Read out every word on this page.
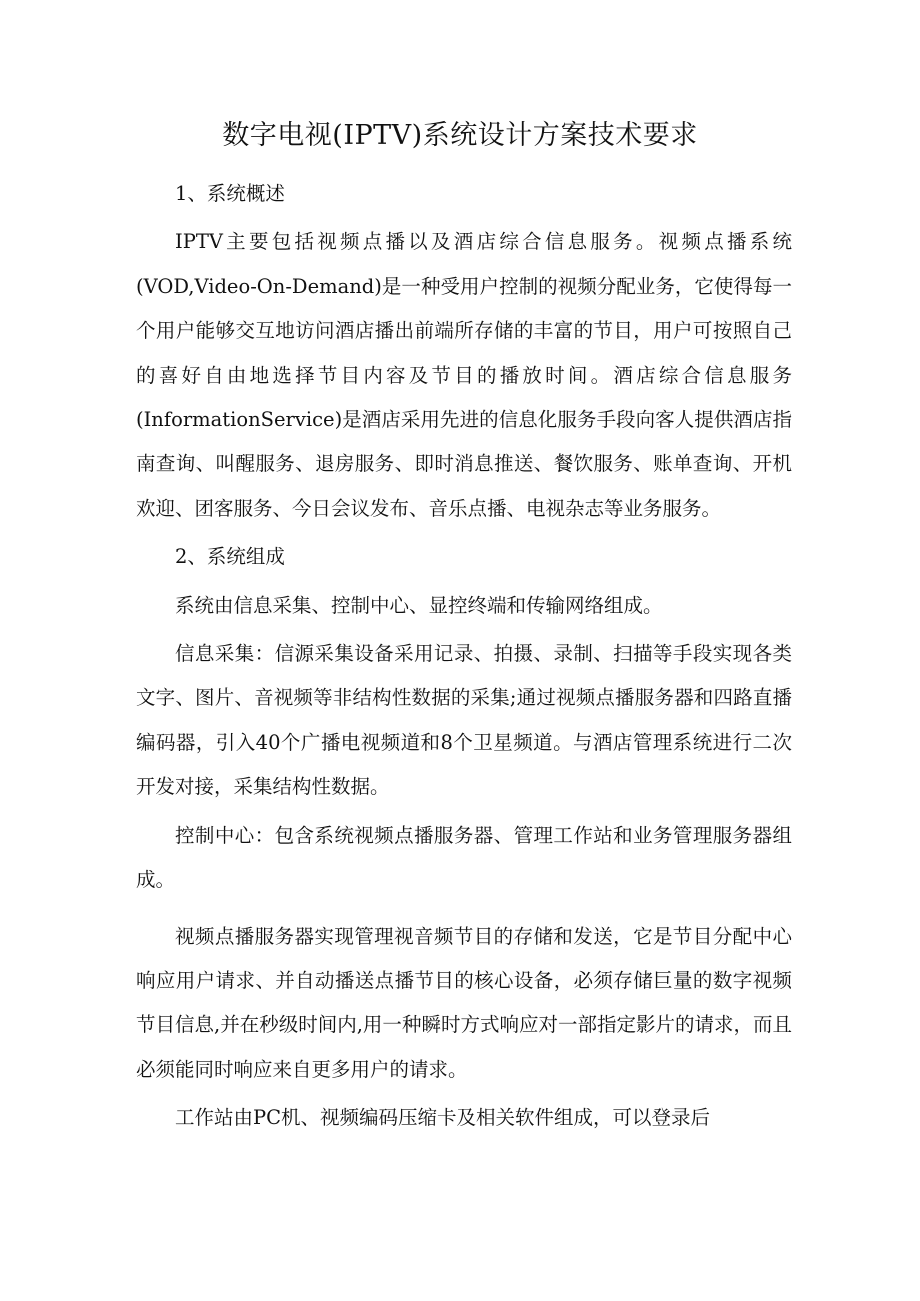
数字电视(IPTV)系统设计方案技术要求

1、系统概述

IPTV主要包括视频点播以及酒店综合信息服务。视频点播系统(VOD,Video-On-Demand)是一种受用户控制的视频分配业务，它使得每一个用户能够交互地访问酒店播出前端所存储的丰富的节目，用户可按照自己的喜好自由地选择节目内容及节目的播放时间。酒店综合信息服务(InformationService)是酒店采用先进的信息化服务手段向客人提供酒店指南查询、叫醒服务、退房服务、即时消息推送、餐饮服务、账单查询、开机欢迎、团客服务、今日会议发布、音乐点播、电视杂志等业务服务。

2、系统组成

系统由信息采集、控制中心、显控终端和传输网络组成。

信息采集：信源采集设备采用记录、拍摄、录制、扫描等手段实现各类文字、图片、音视频等非结构性数据的采集;通过视频点播服务器和四路直播编码器，引入40个广播电视频道和8个卫星频道。与酒店管理系统进行二次开发对接，采集结构性数据。

控制中心：包含系统视频点播服务器、管理工作站和业务管理服务器组成。

视频点播服务器实现管理视音频节目的存储和发送，它是节目分配中心响应用户请求、并自动播送点播节目的核心设备，必须存储巨量的数字视频节目信息,并在秒级时间内,用一种瞬时方式响应对一部指定影片的请求，而且必须能同时响应来自更多用户的请求。

工作站由PC机、视频编码压缩卡及相关软件组成，可以登录后
